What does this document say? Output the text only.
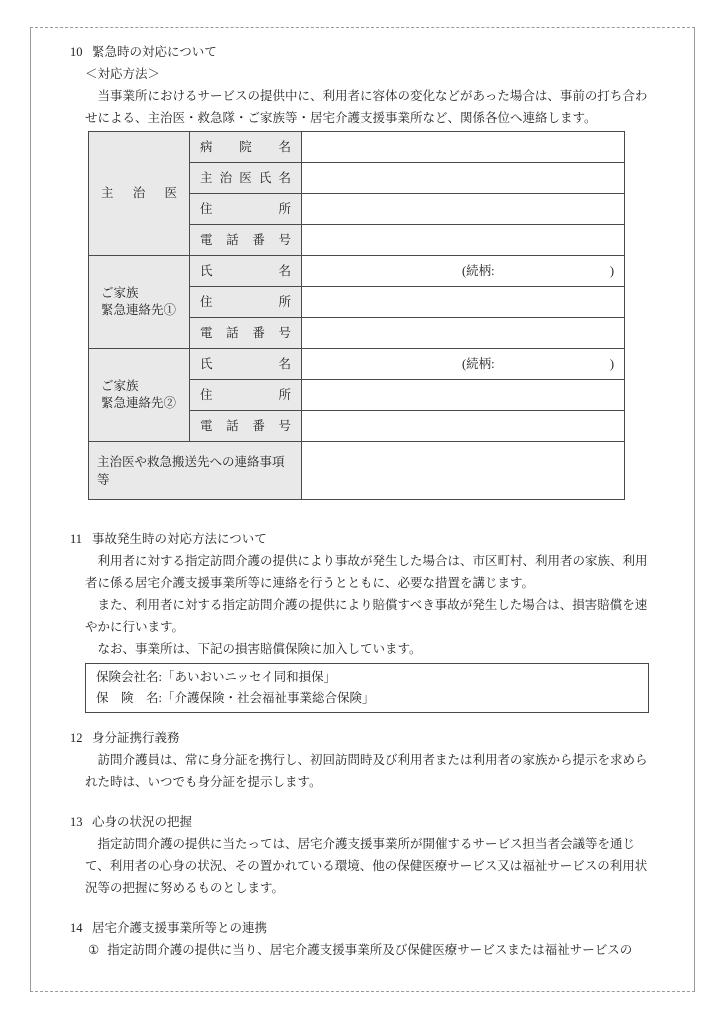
10 緊急時の対応について
＜対応方法＞
当事業所におけるサービスの提供中に、利用者に容体の変化などがあった場合は、事前の打ち合わせによる、主治医・救急隊・ご家族等・居宅介護支援事業所など、関係各位へ連絡します。
主治医	病院名	
	主治医氏名	
	住所	
	電話番号	

ご家族
緊急連絡先①
	氏名	(続柄:	)

	住所	
	電話番号	

ご家族
緊急連絡先②
	氏名	(続柄:	)

	住所	
	電話番号	
主治医や救急搬送先への連絡事項等		
11 事故発生時の対応方法について
利用者に対する指定訪問介護の提供により事故が発生した場合は、市区町村、利用者の家族、利用者に係る居宅介護支援事業所等に連絡を行うとともに、必要な措置を講じます。
また、利用者に対する指定訪問介護の提供により賠償すべき事故が発生した場合は、損害賠償を速やかに行います。
なお、事業所は、下記の損害賠償保険に加入しています。
保険会社名: 「あいおいニッセイ同和損保」
保　険　名: 「介護保険・社会福祉事業総合保険」
12 身分証携行義務
訪問介護員は、常に身分証を携行し、初回訪問時及び利用者または利用者の家族から提示を求められた時は、いつでも身分証を提示します。
13 心身の状況の把握
指定訪問介護の提供に当たっては、居宅介護支援事業所が開催するサービス担当者会議等を通じて、利用者の心身の状況、その置かれている環境、他の保健医療サービス又は福祉サービスの利用状況等の把握に努めるものとします。
14 居宅介護支援事業所等との連携
① 指定訪問介護の提供に当り、居宅介護支援事業所及び保健医療サービスまたは福祉サービスの
